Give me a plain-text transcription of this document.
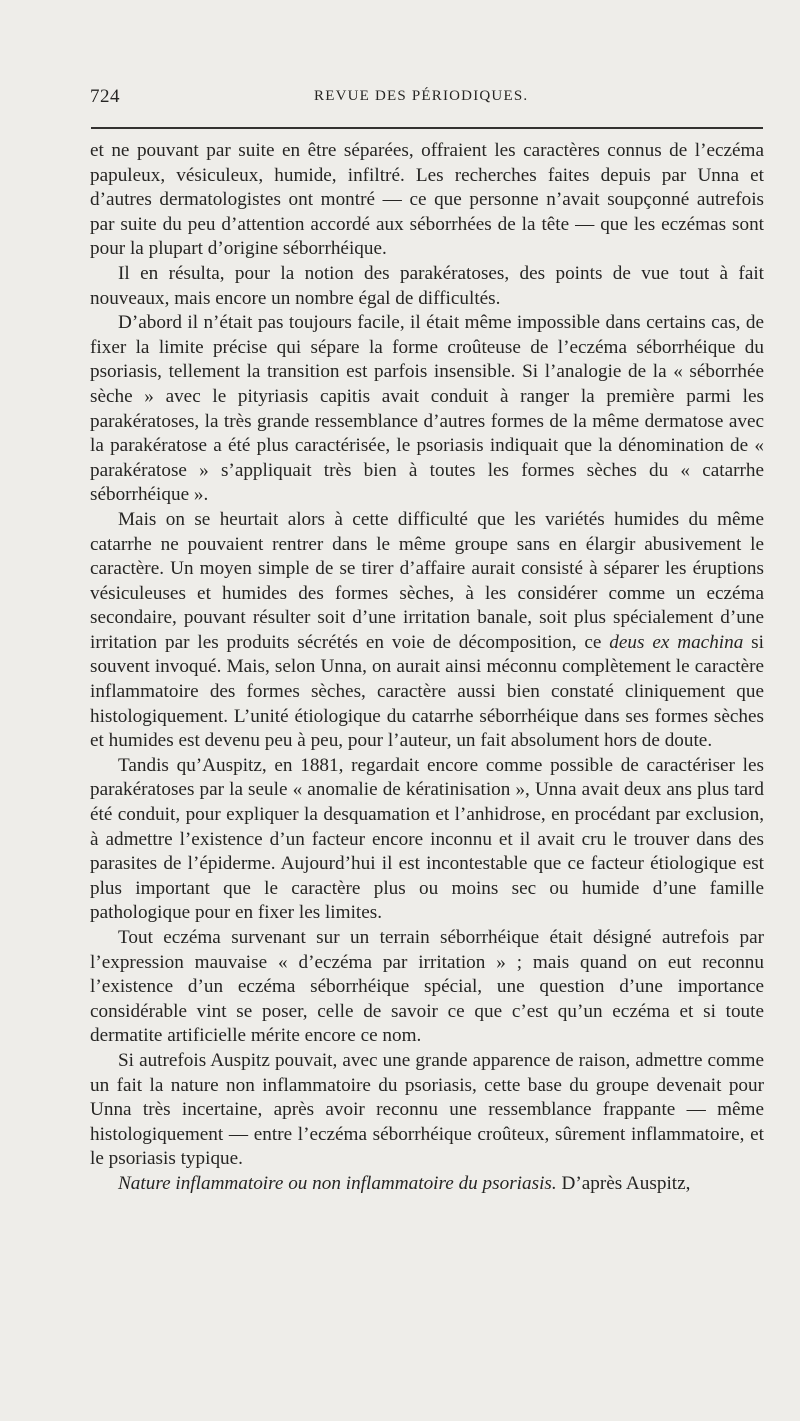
724	REVUE DES PÉRIODIQUES.

et ne pouvant par suite en être séparées, offraient les caractères connus de l’eczéma papuleux, vésiculeux, humide, infiltré. Les recherches faites depuis par Unna et d’autres dermatologistes ont montré — ce que personne n’avait soupçonné autrefois par suite du peu d’attention accordé aux séborrhées de la tête — que les eczémas sont pour la plupart d’origine séborrhéique.

Il en résulta, pour la notion des parakératoses, des points de vue tout à fait nouveaux, mais encore un nombre égal de difficultés.

D’abord il n’était pas toujours facile, il était même impossible dans certains cas, de fixer la limite précise qui sépare la forme croûteuse de l’eczéma séborrhéique du psoriasis, tellement la transition est parfois insensible. Si l’analogie de la « séborrhée sèche » avec le pityriasis capitis avait conduit à ranger la première parmi les parakératoses, la très grande ressemblance d’autres formes de la même dermatose avec la parakératose a été plus caractérisée, le psoriasis indiquait que la dénomination de « parakératose » s’appliquait très bien à toutes les formes sèches du « catarrhe séborrhéique ».

Mais on se heurtait alors à cette difficulté que les variétés humides du même catarrhe ne pouvaient rentrer dans le même groupe sans en élargir abusivement le caractère. Un moyen simple de se tirer d’affaire aurait consisté à séparer les éruptions vésiculeuses et humides des formes sèches, à les considérer comme un eczéma secondaire, pouvant résulter soit d’une irritation banale, soit plus spécialement d’une irritation par les produits sécrétés en voie de décomposition, ce deus ex machina si souvent invoqué. Mais, selon Unna, on aurait ainsi méconnu complètement le caractère inflammatoire des formes sèches, caractère aussi bien constaté cliniquement que histologiquement. L’unité étiologique du catarrhe séborrhéique dans ses formes sèches et humides est devenu peu à peu, pour l’auteur, un fait absolument hors de doute.

Tandis qu’Auspitz, en 1881, regardait encore comme possible de caractériser les parakératoses par la seule « anomalie de kératinisation », Unna avait deux ans plus tard été conduit, pour expliquer la desquamation et l’anhidrose, en procédant par exclusion, à admettre l’existence d’un facteur encore inconnu et il avait cru le trouver dans des parasites de l’épiderme. Aujourd’hui il est incontestable que ce facteur étiologique est plus important que le caractère plus ou moins sec ou humide d’une famille pathologique pour en fixer les limites.

Tout eczéma survenant sur un terrain séborrhéique était désigné autrefois par l’expression mauvaise « d’eczéma par irritation » ; mais quand on eut reconnu l’existence d’un eczéma séborrhéique spécial, une question d’une importance considérable vint se poser, celle de savoir ce que c’est qu’un eczéma et si toute dermatite artificielle mérite encore ce nom.

Si autrefois Auspitz pouvait, avec une grande apparence de raison, admettre comme un fait la nature non inflammatoire du psoriasis, cette base du groupe devenait pour Unna très incertaine, après avoir reconnu une ressemblance frappante — même histologiquement — entre l’eczéma séborrhéique croûteux, sûrement inflammatoire, et le psoriasis typique.

Nature inflammatoire ou non inflammatoire du psoriasis. D’après Auspitz,
